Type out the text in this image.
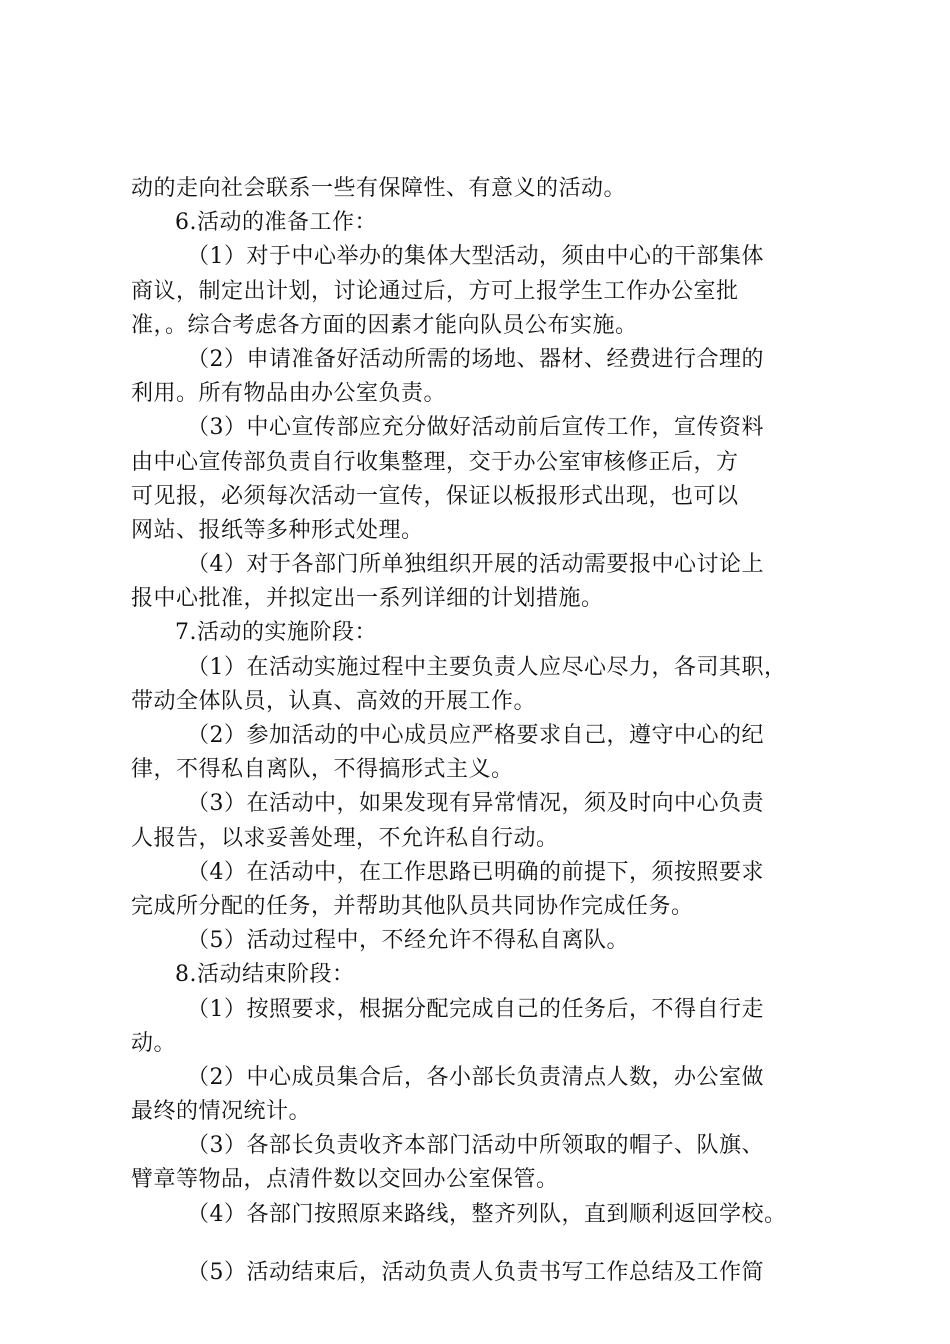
动的走向社会联系一些有保障性、有意义的活动。
6.活动的准备工作：
（1）对于中心举办的集体大型活动，须由中心的干部集体
商议，制定出计划，讨论通过后，方可上报学生工作办公室批
准，。综合考虑各方面的因素才能向队员公布实施。
（2）申请准备好活动所需的场地、器材、经费进行合理的
利用。所有物品由办公室负责。
（3）中心宣传部应充分做好活动前后宣传工作，宣传资料
由中心宣传部负责自行收集整理，交于办公室审核修正后，方
可见报，必须每次活动一宣传，保证以板报形式出现，也可以
网站、报纸等多种形式处理。
（4）对于各部门所单独组织开展的活动需要报中心讨论上
报中心批准，并拟定出一系列详细的计划措施。
7.活动的实施阶段：
（1）在活动实施过程中主要负责人应尽心尽力，各司其职，
带动全体队员，认真、高效的开展工作。
（2）参加活动的中心成员应严格要求自己，遵守中心的纪
律，不得私自离队，不得搞形式主义。
（3）在活动中，如果发现有异常情况，须及时向中心负责
人报告，以求妥善处理，不允许私自行动。
（4）在活动中，在工作思路已明确的前提下，须按照要求
完成所分配的任务，并帮助其他队员共同协作完成任务。
（5）活动过程中，不经允许不得私自离队。
8.活动结束阶段：
（1）按照要求，根据分配完成自己的任务后，不得自行走
动。
（2）中心成员集合后，各小部长负责清点人数，办公室做
最终的情况统计。
（3）各部长负责收齐本部门活动中所领取的帽子、队旗、
臂章等物品，点清件数以交回办公室保管。
（4）各部门按照原来路线，整齐列队，直到顺利返回学校。
（5）活动结束后，活动负责人负责书写工作总结及工作简
